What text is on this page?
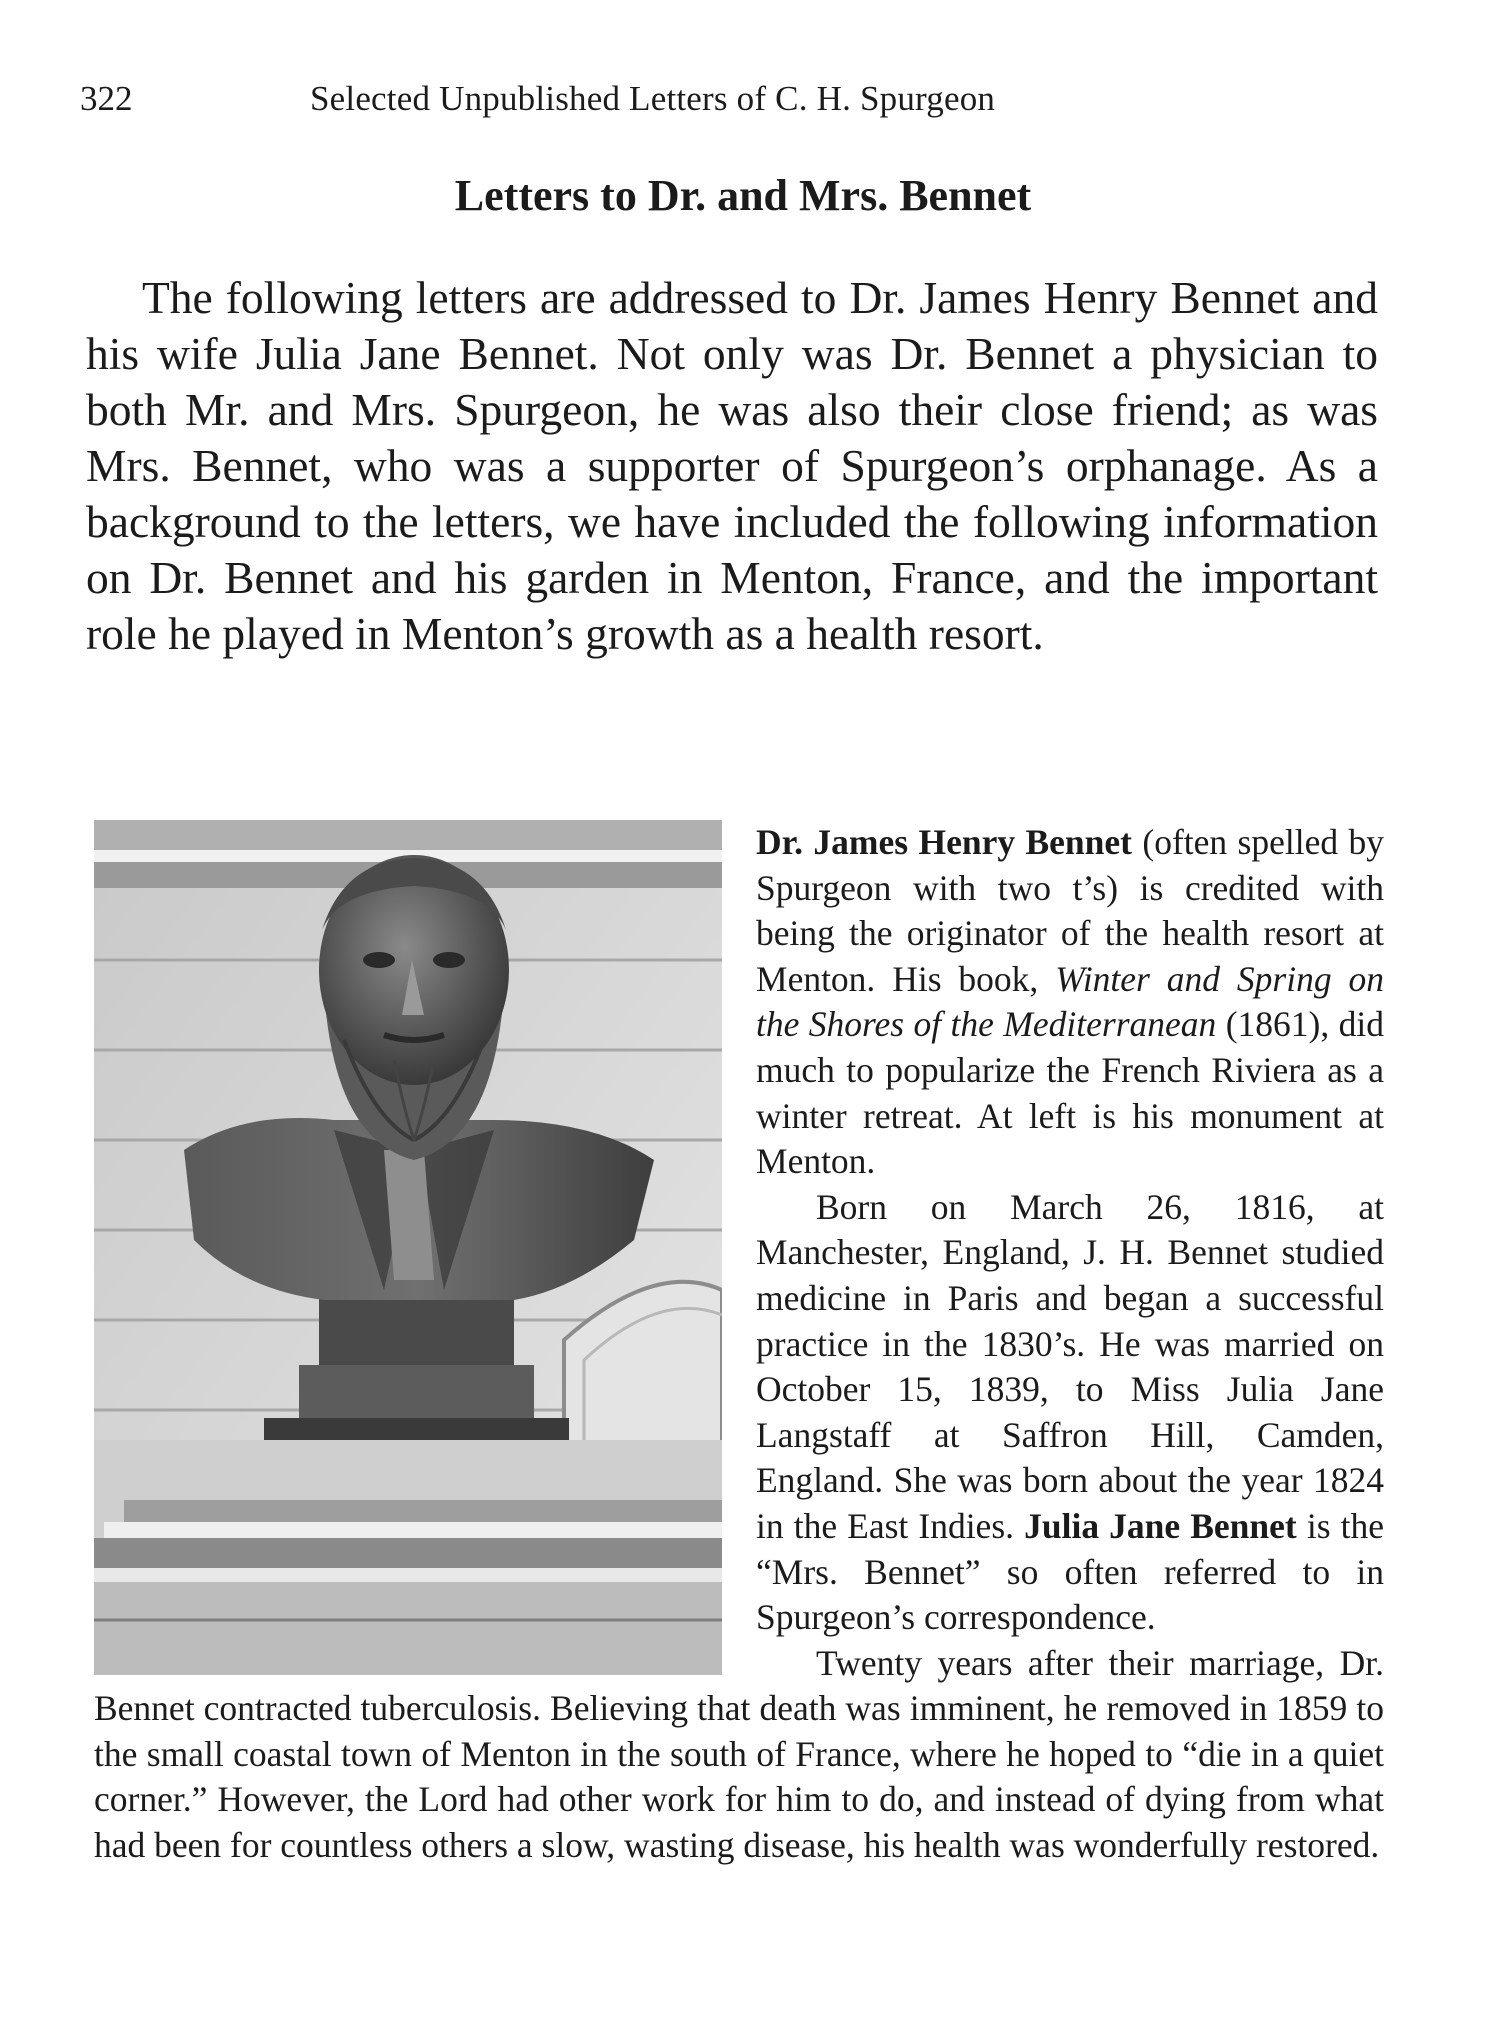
322	Selected Unpublished Letters of C. H. Spurgeon
Letters to Dr. and Mrs. Bennet

The following letters are addressed to Dr. James Henry Bennet and his wife Julia Jane Bennet. Not only was Dr. Bennet a physician to both Mr. and Mrs. Spurgeon, he was also their close friend; as was Mrs. Bennet, who was a supporter of Spurgeon’s orphanage. As a background to the letters, we have included the following information on Dr. Bennet and his garden in Menton, France, and the important role he played in Menton’s growth as a health resort.

Dr. James Henry Bennet (often spelled by Spurgeon with two t’s) is credited with being the originator of the health resort at Menton. His book, Winter and Spring on the Shores of the Mediterranean (1861), did much to popularize the French Riviera as a winter retreat. At left is his monument at Menton.

Born on March 26, 1816, at Manchester, England, J. H. Bennet studied medicine in Paris and began a successful practice in the 1830’s. He was married on October 15, 1839, to Miss Julia Jane Langstaff at Saffron Hill, Camden, England. She was born about the year 1824 in the East Indies. Julia Jane Bennet is the “Mrs. Bennet” so often referred to in Spurgeon’s correspondence.

Twenty years after their marriage, Dr. Bennet contracted tuberculosis. Believing that death was imminent, he removed in 1859 to the small coastal town of Menton in the south of France, where he hoped to “die in a quiet corner.” However, the Lord had other work for him to do, and instead of dying from what had been for countless others a slow, wasting disease, his health was wonderfully restored.
